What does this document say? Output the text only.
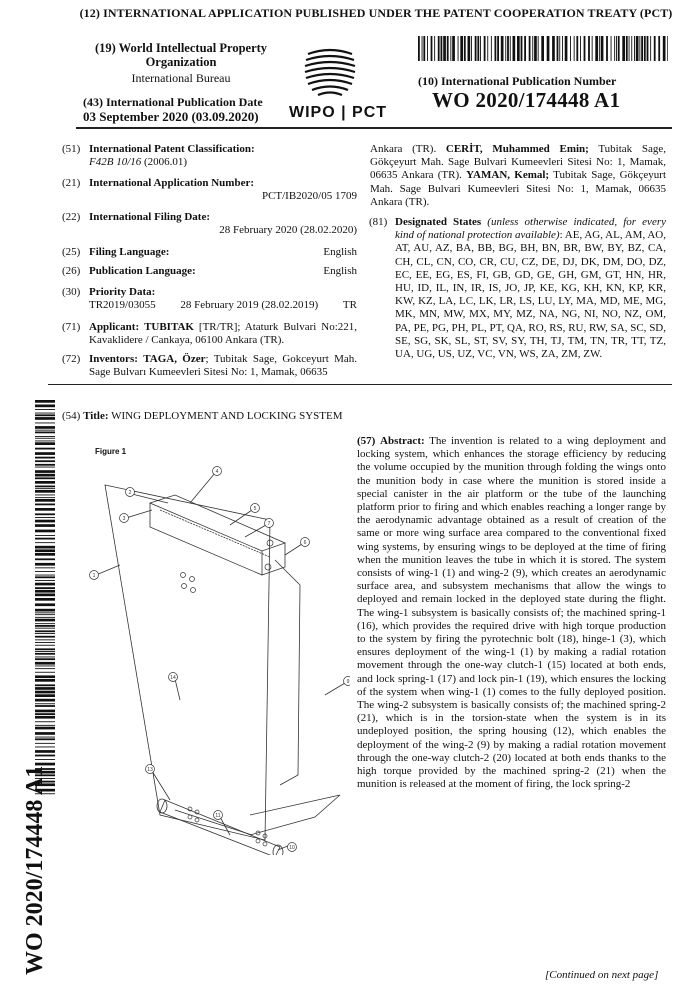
(12) INTERNATIONAL APPLICATION PUBLISHED UNDER THE PATENT COOPERATION TREATY (PCT)
(19) World Intellectual Property
Organization
International Bureau
(43) International Publication Date
03 September 2020 (03.09.2020)	WIPO | PCT
(10) International Publication Number
WO 2020/174448 A1
(51) International Patent Classification:
F42B 10/16 (2006.01)
(21) International Application Number:
PCT/IB2020/05 1709
(22) International Filing Date:
28 February 2020 (28.02.2020)
(25) Filing Language:	English
(26) Publication Language:	English
(30) Priority Data:
TR2019/03055 28 February 2019 (28.02.2019) TR
(71) Applicant: TUBITAK [TR/TR]; Ataturk Bulvari No:221, Kavaklidere / Cankaya, 06100 Ankara (TR).
(72) Inventors: TAGA, Özer; Tubitak Sage, Gokceyurt Mah. Sage Bulvarı Kumeevleri Sitesi No: 1, Mamak, 06635
Ankara (TR). CERİT, Muhammed Emin; Tubitak Sage, Gökçeyurt Mah. Sage Bulvari Kumeevleri Sitesi No: 1, Mamak, 06635 Ankara (TR). YAMAN, Kemal; Tubitak Sage, Gökçeyurt Mah. Sage Bulvari Kumeevleri Sitesi No: 1, Mamak, 06635 Ankara (TR).
(81) Designated States (unless otherwise indicated, for every kind of national protection available): AE, AG, AL, AM, AO, AT, AU, AZ, BA, BB, BG, BH, BN, BR, BW, BY, BZ, CA, CH, CL, CN, CO, CR, CU, CZ, DE, DJ, DK, DM, DO, DZ, EC, EE, EG, ES, FI, GB, GD, GE, GH, GM, GT, HN, HR, HU, ID, IL, IN, IR, IS, JO, JP, KE, KG, KH, KN, KP, KR, KW, KZ, LA, LC, LK, LR, LS, LU, LY, MA, MD, ME, MG, MK, MN, MW, MX, MY, MZ, NA, NG, NI, NO, NZ, OM, PA, PE, PG, PH, PL, PT, QA, RO, RS, RU, RW, SA, SC, SD, SE, SG, SK, SL, ST, SV, SY, TH, TJ, TM, TN, TR, TT, TZ, UA, UG, US, UZ, VC, VN, WS, ZA, ZM, ZW.
WO 2020/174448 A1
(54) Title: WING DEPLOYMENT AND LOCKING SYSTEM
Figure 1
1
3
2
4
5
7
6
9
10
11
13
14
(57) Abstract: The invention is related to a wing deployment and locking system, which enhances the storage efficiency by reducing the volume occupied by the munition through folding the wings onto the munition body in case where the munition is stored inside a special canister in the air platform or the tube of the launching platform prior to firing and which enables reaching a longer range by the aerodynamic advantage obtained as a result of creation of the same or more wing surface area compared to the conventional fixed wing systems, by ensuring wings to be deployed at the time of firing when the munition leaves the tube in which it is stored. The system consists of wing-1 (1) and wing-2 (9), which creates an aerodynamic surface area, and subsystem mechanisms that allow the wings to deployed and remain locked in the deployed state during the flight. The wing-1 subsystem is basically consists of; the machined spring-1 (16), which provides the required drive with high torque production to the system by firing the pyrotechnic bolt (18), hinge-1 (3), which ensures deployment of the wing-1 (1) by making a radial rotation movement through the one-way clutch-1 (15) located at both ends, and lock spring-1 (17) and lock pin-1 (19), which ensures the locking of the system when wing-1 (1) comes to the fully deployed position. The wing-2 subsystem is basically consists of; the machined spring-2 (21), which is in the torsion-state when the system is in its undeployed position, the spring housing (12), which enables the deployment of the wing-2 (9) by making a radial rotation movement through the one-way clutch-2 (20) located at both ends thanks to the high torque provided by the machined spring-2 (21) when the munition is released at the moment of firing, the lock spring-2
[Continued on next page]
